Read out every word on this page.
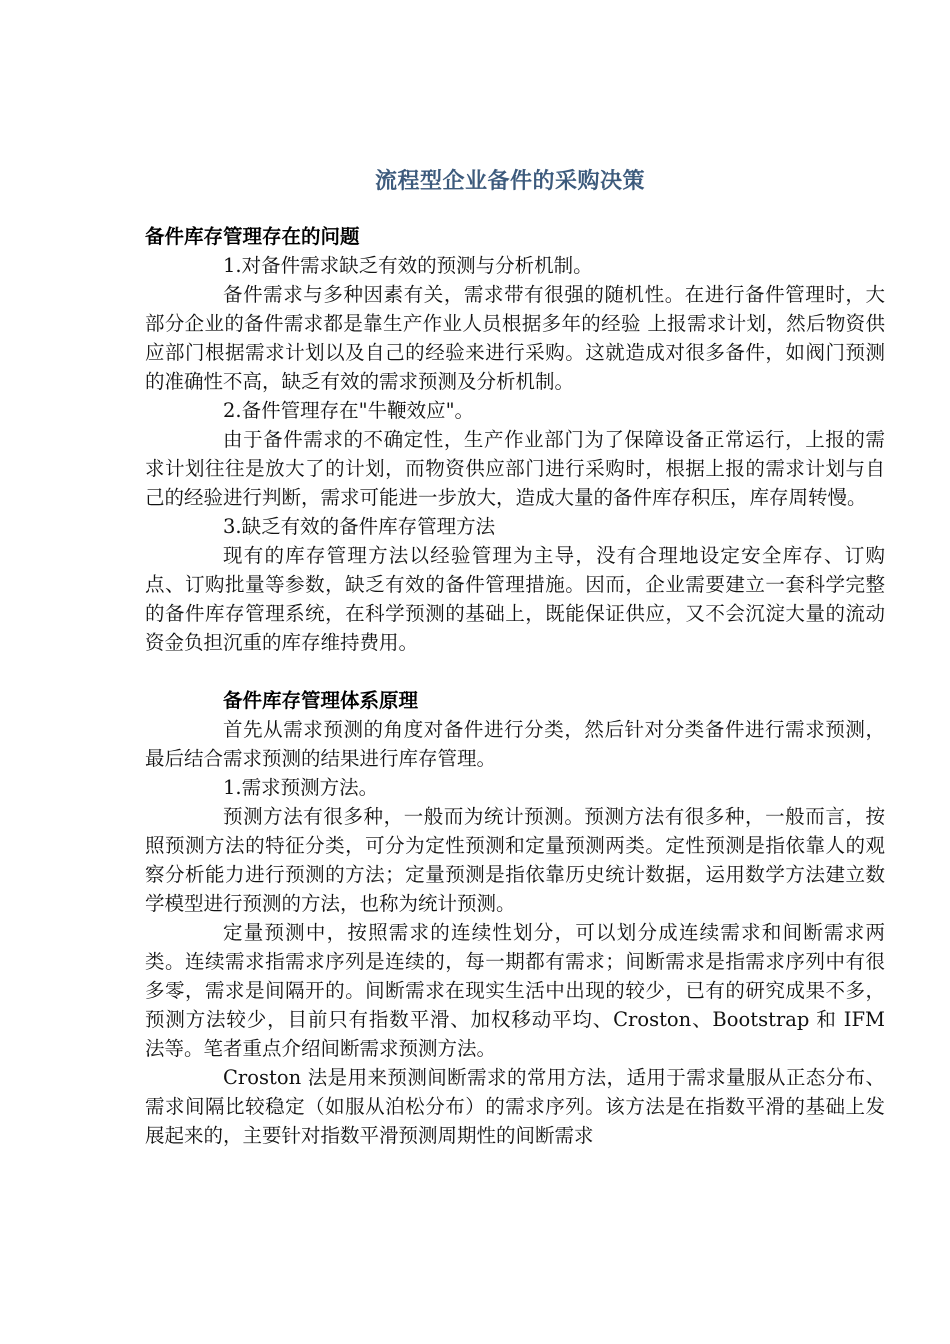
流程型企业备件的采购决策
备件库存管理存在的问题

1.对备件需求缺乏有效的预测与分析机制。

备件需求与多种因素有关，需求带有很强的随机性。在进行备件管理时，大部分企业的备件需求都是靠生产作业人员根据多年的经验 上报需求计划，然后物资供应部门根据需求计划以及自己的经验来进行采购。这就造成对很多备件，如阀门预测的准确性不高，缺乏有效的需求预测及分析机制。

2.备件管理存在"牛鞭效应"。

由于备件需求的不确定性，生产作业部门为了保障设备正常运行，上报的需求计划往往是放大了的计划，而物资供应部门进行采购时，根据上报的需求计划与自己的经验进行判断，需求可能进一步放大，造成大量的备件库存积压，库存周转慢。

3.缺乏有效的备件库存管理方法

现有的库存管理方法以经验管理为主导，没有合理地设定安全库存、订购点、订购批量等参数，缺乏有效的备件管理措施。因而，企业需要建立一套科学完整的备件库存管理系统，在科学预测的基础上，既能保证供应，又不会沉淀大量的流动资金负担沉重的库存维持费用。

备件库存管理体系原理

首先从需求预测的角度对备件进行分类，然后针对分类备件进行需求预测，最后结合需求预测的结果进行库存管理。

1.需求预测方法。

预测方法有很多种，一般而为统计预测。预测方法有很多种，一般而言，按照预测方法的特征分类，可分为定性预测和定量预测两类。定性预测是指依靠人的观察分析能力进行预测的方法；定量预测是指依靠历史统计数据，运用数学方法建立数学模型进行预测的方法，也称为统计预测。

定量预测中，按照需求的连续性划分，可以划分成连续需求和间断需求两类。连续需求指需求序列是连续的，每一期都有需求；间断需求是指需求序列中有很多零，需求是间隔开的。间断需求在现实生活中出现的较少，已有的研究成果不多，预测方法较少，目前只有指数平滑、加权移动平均、Croston、Bootstrap 和 IFM 法等。笔者重点介绍间断需求预测方法。

Croston 法是用来预测间断需求的常用方法，适用于需求量服从正态分布、需求间隔比较稳定（如服从泊松分布）的需求序列。该方法是在指数平滑的基础上发展起来的，主要针对指数平滑预测周期性的间断需求
